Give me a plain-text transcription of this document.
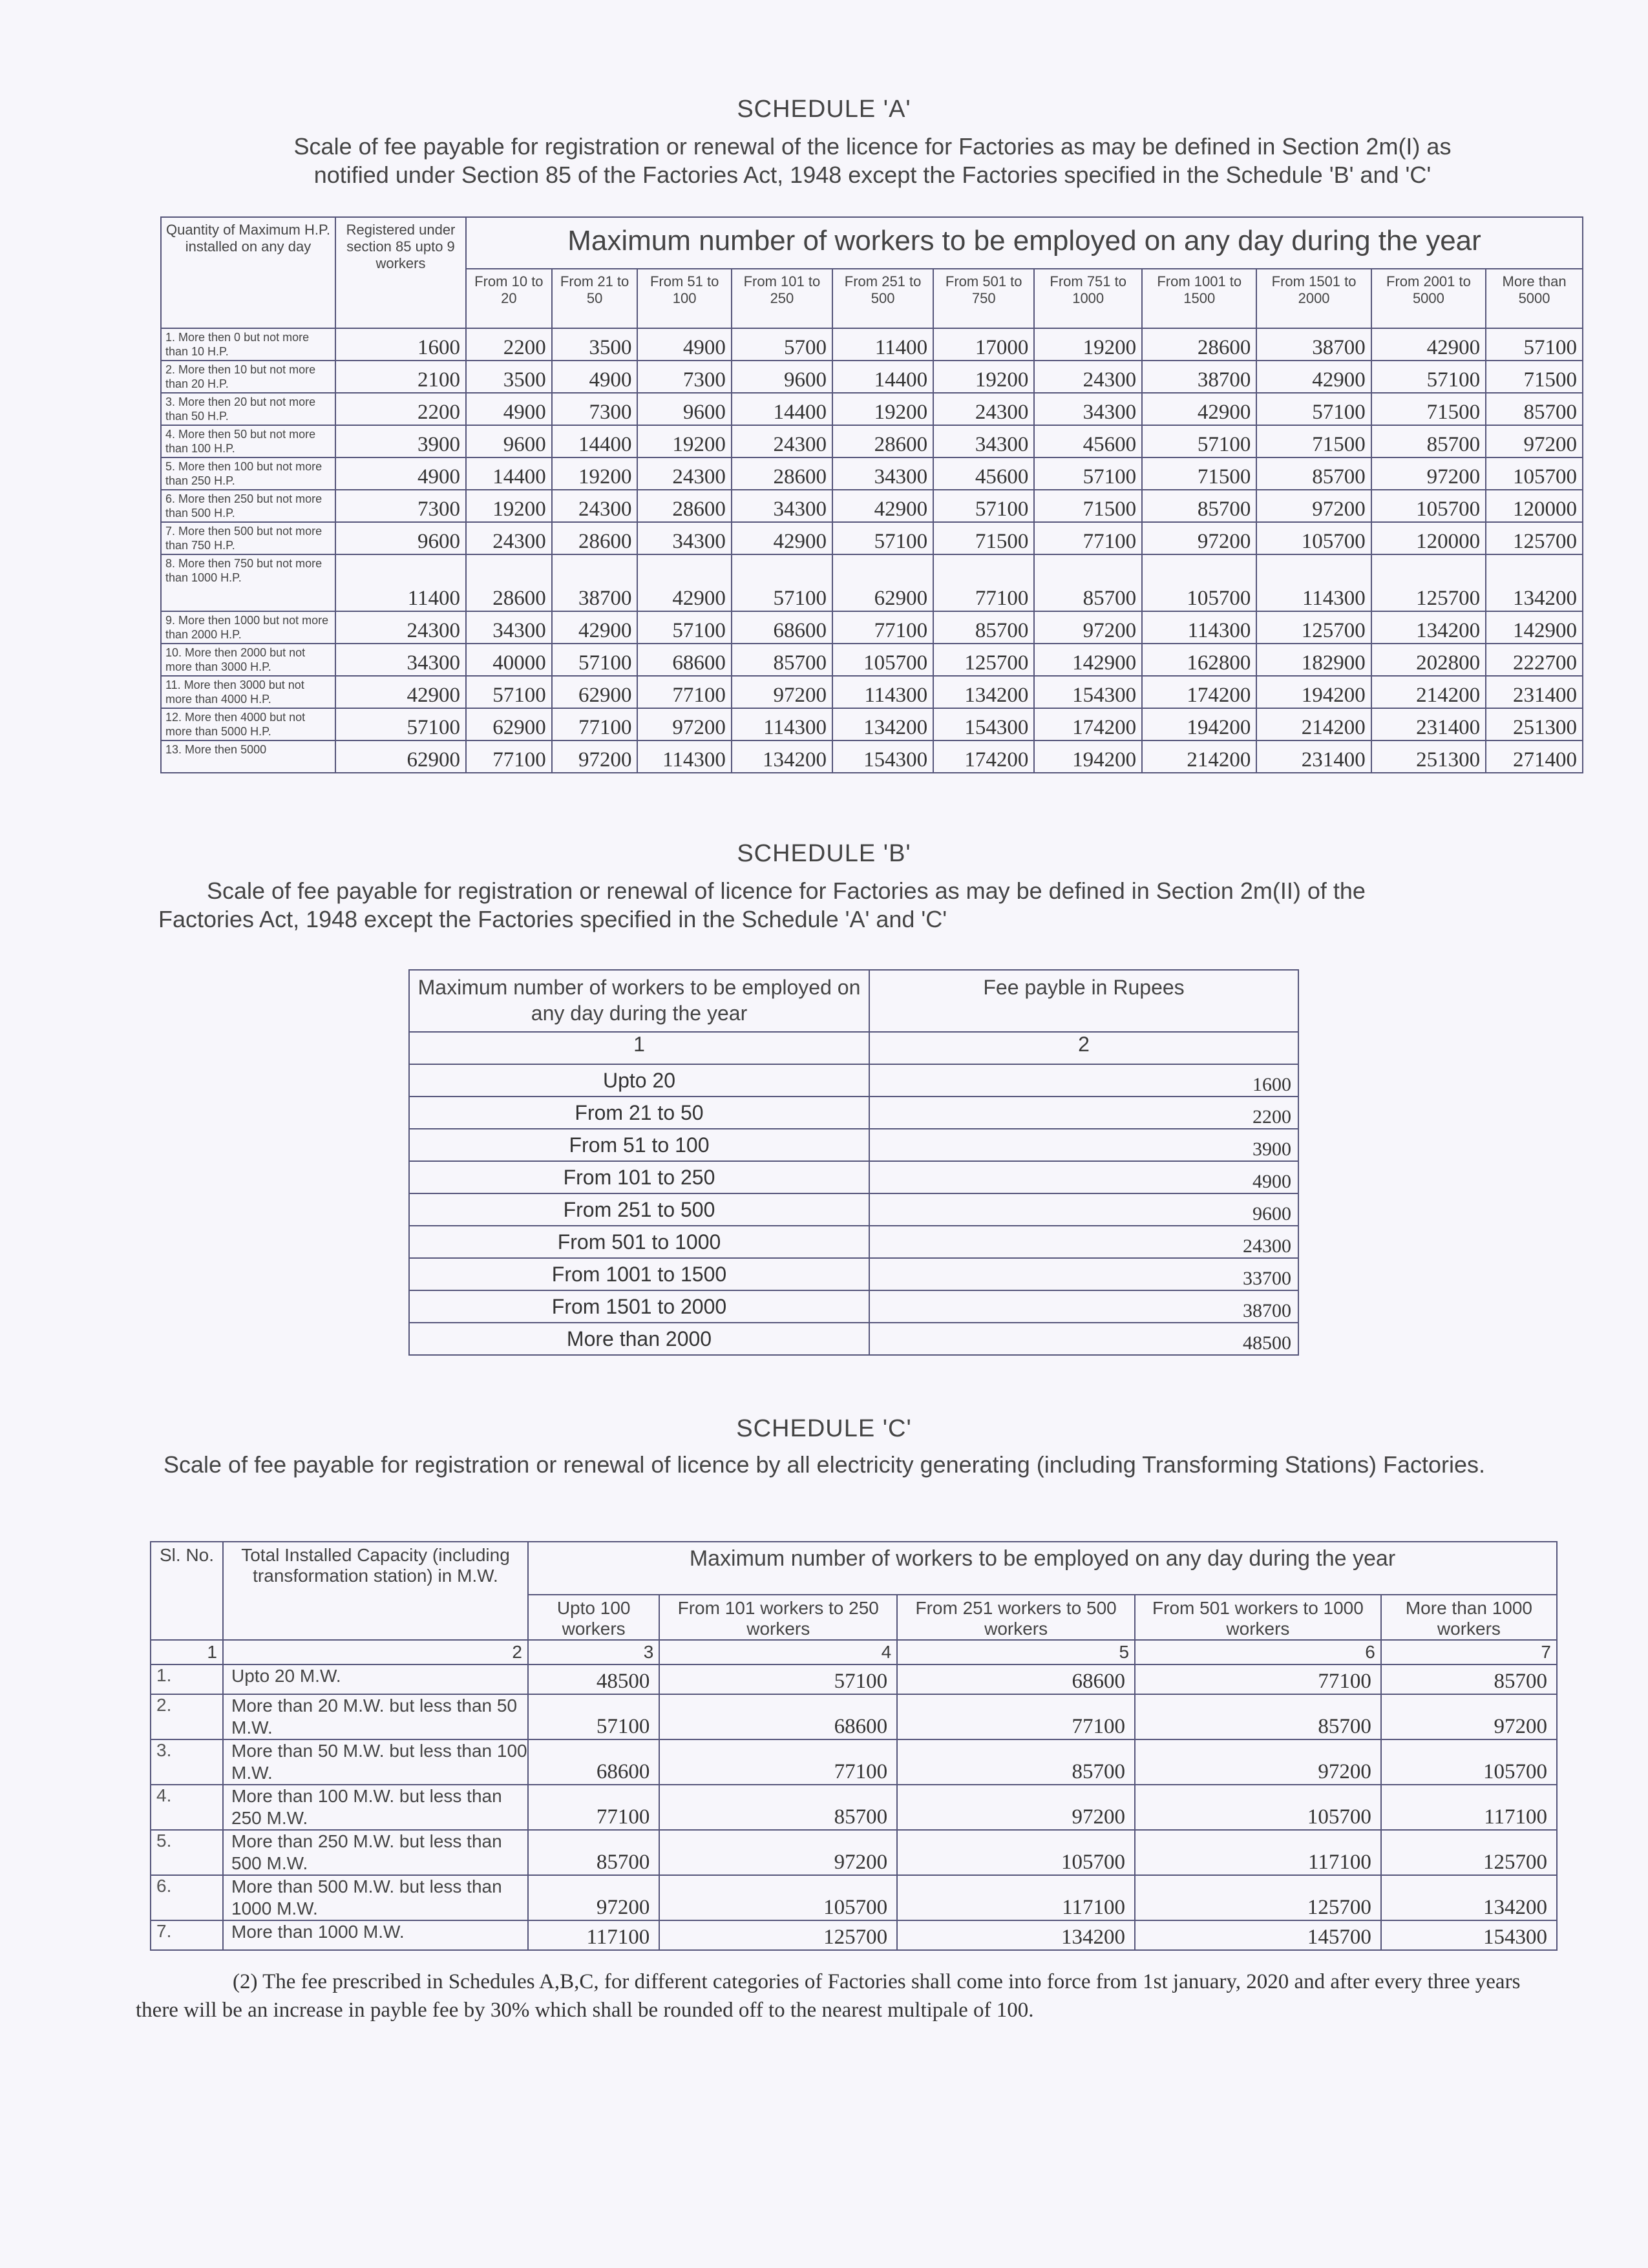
SCHEDULE 'A'
Scale of fee payable for registration or renewal of the licence for Factories as may be defined in Section 2m(I) as notified under Section 85 of the Factories Act, 1948 except the Factories specified in the Schedule 'B' and 'C'
Quantity of Maximum H.P. installed on any day	Registered under section 85 upto 9 workers	Maximum number of workers to be employed on any day during the year										
		From 10 to 20	From 21 to 50	From 51 to 100	From 101 to 250	From 251 to 500	From 501 to 750	From 751 to 1000	From 1001 to 1500	From 1501 to 2000	From 2001 to 5000	More than 5000
1. More then 0 but not more than 10 H.P.	1600	2200	3500	4900	5700	11400	17000	19200	28600	38700	42900	57100
2. More then 10 but not more than 20 H.P.	2100	3500	4900	7300	9600	14400	19200	24300	38700	42900	57100	71500
3. More then 20 but not more than 50 H.P.	2200	4900	7300	9600	14400	19200	24300	34300	42900	57100	71500	85700
4. More then 50 but not more than 100 H.P.	3900	9600	14400	19200	24300	28600	34300	45600	57100	71500	85700	97200
5. More then 100 but not more than 250 H.P.	4900	14400	19200	24300	28600	34300	45600	57100	71500	85700	97200	105700
6. More then 250 but not more than 500 H.P.	7300	19200	24300	28600	34300	42900	57100	71500	85700	97200	105700	120000
7. More then 500 but not more than 750 H.P.	9600	24300	28600	34300	42900	57100	71500	77100	97200	105700	120000	125700
8. More then 750 but not more than 1000 H.P.	11400	28600	38700	42900	57100	62900	77100	85700	105700	114300	125700	134200
9. More then 1000 but not more than 2000 H.P.	24300	34300	42900	57100	68600	77100	85700	97200	114300	125700	134200	142900
10. More then 2000 but not more than 3000 H.P.	34300	40000	57100	68600	85700	105700	125700	142900	162800	182900	202800	222700
11. More then 3000 but not more than 4000 H.P.	42900	57100	62900	77100	97200	114300	134200	154300	174200	194200	214200	231400
12. More then 4000 but not more than 5000 H.P.	57100	62900	77100	97200	114300	134200	154300	174200	194200	214200	231400	251300
13. More then 5000	62900	77100	97200	114300	134200	154300	174200	194200	214200	231400	251300	271400
SCHEDULE 'B'
Scale of fee payable for registration or renewal of licence for Factories as may be defined in Section 2m(II) of the Factories Act, 1948 except the Factories specified in the Schedule 'A' and 'C'
Maximum number of workers to be employed on any day during the year	Fee payble in Rupees
1	2
Upto 20	1600
From 21 to 50	2200
From 51 to 100	3900
From 101 to 250	4900
From 251 to 500	9600
From 501 to 1000	24300
From 1001 to 1500	33700
From 1501 to 2000	38700
More than 2000	48500
SCHEDULE 'C'
Scale of fee payable for registration or renewal of licence by all electricity generating (including Transforming Stations) Factories.
Sl. No.	Total Installed Capacity (including transformation station) in M.W.	Maximum number of workers to be employed on any day during the year				
		Upto 100 workers	From 101 workers to 250 workers	From 251 workers to 500 workers	From 501 workers to 1000 workers	More than 1000 workers
1	2	3	4	5	6	7
1.	Upto 20 M.W.	48500	57100	68600	77100	85700
2.	More than 20 M.W. but less than 50 M.W.	57100	68600	77100	85700	97200
3.	More than 50 M.W. but less than 100 M.W.	68600	77100	85700	97200	105700
4.	More than 100 M.W. but less than 250 M.W.	77100	85700	97200	105700	117100
5.	More than 250 M.W. but less than 500 M.W.	85700	97200	105700	117100	125700
6.	More than 500 M.W. but less than 1000 M.W.	97200	105700	117100	125700	134200
7.	More than 1000 M.W.	117100	125700	134200	145700	154300
(2) The fee prescribed in Schedules A,B,C, for different categories of Factories shall come into force from 1st january, 2020 and after every three years there will be an increase in payble fee by 30% which shall be rounded off to the nearest multipale of 100.
